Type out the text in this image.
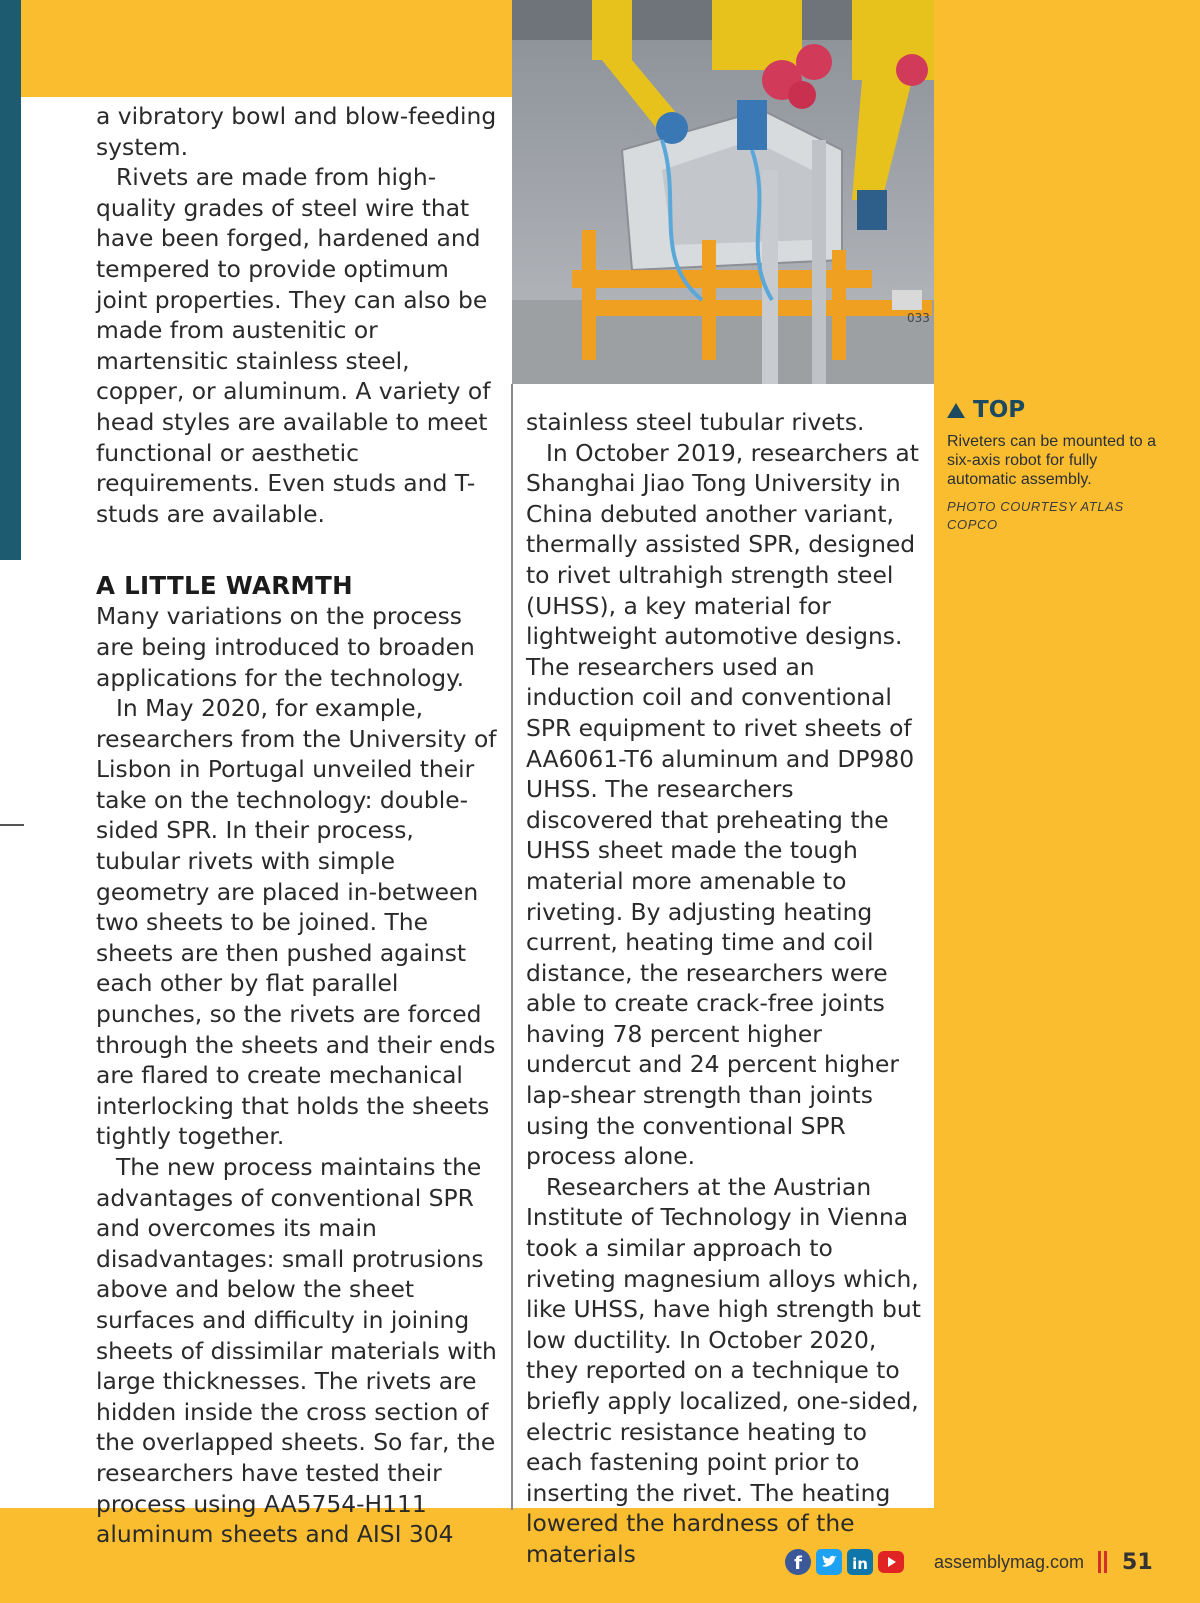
033

a vibratory bowl and blow-feeding system.

Rivets are made from high-quality grades of steel wire that have been forged, hardened and tempered to provide optimum joint properties. They can also be made from austenitic or martensitic stainless steel, copper, or aluminum. A variety of head styles are available to meet functional or aesthetic requirements. Even studs and T-studs are available.

A LITTLE WARMTH

Many variations on the process are being introduced to broaden applications for the technology.

In May 2020, for example, researchers from the University of Lisbon in Portugal unveiled their take on the technology: double-sided SPR. In their process, tubular rivets with simple geometry are placed in-between two sheets to be joined. The sheets are then pushed against each other by flat parallel punches, so the rivets are forced through the sheets and their ends are flared to create mechanical interlocking that holds the sheets tightly together.

The new process maintains the advantages of conventional SPR and overcomes its main disadvantages: small protrusions above and below the sheet surfaces and difficulty in joining sheets of dissimilar materials with large thicknesses. The rivets are hidden inside the cross section of the overlapped sheets. So far, the researchers have tested their process using AA5754-H111 aluminum sheets and AISI 304

stainless steel tubular rivets.

In October 2019, researchers at Shanghai Jiao Tong University in China debuted another variant, thermally assisted SPR, designed to rivet ultrahigh strength steel (UHSS), a key material for lightweight automotive designs. The researchers used an induction coil and conventional SPR equipment to rivet sheets of AA6061-T6 aluminum and DP980 UHSS. The researchers discovered that preheating the UHSS sheet made the tough material more amenable to riveting. By adjusting heating current, heating time and coil distance, the researchers were able to create crack-free joints having 78 percent higher undercut and 24 percent higher lap-shear strength than joints using the conventional SPR process alone.

Researchers at the Austrian Institute of Technology in Vienna took a similar approach to riveting magnesium alloys which, like UHSS, have high strength but low ductility. In October 2020, they reported on a technique to briefly apply localized, one-sided, electric resistance heating to each fastening point prior to inserting the rivet. The heating lowered the hardness of the materials

TOP
Riveters can be mounted to a six-axis robot for fully automatic assembly.
PHOTO COURTESY ATLAS COPCO
f	in	assemblymag.com 51
